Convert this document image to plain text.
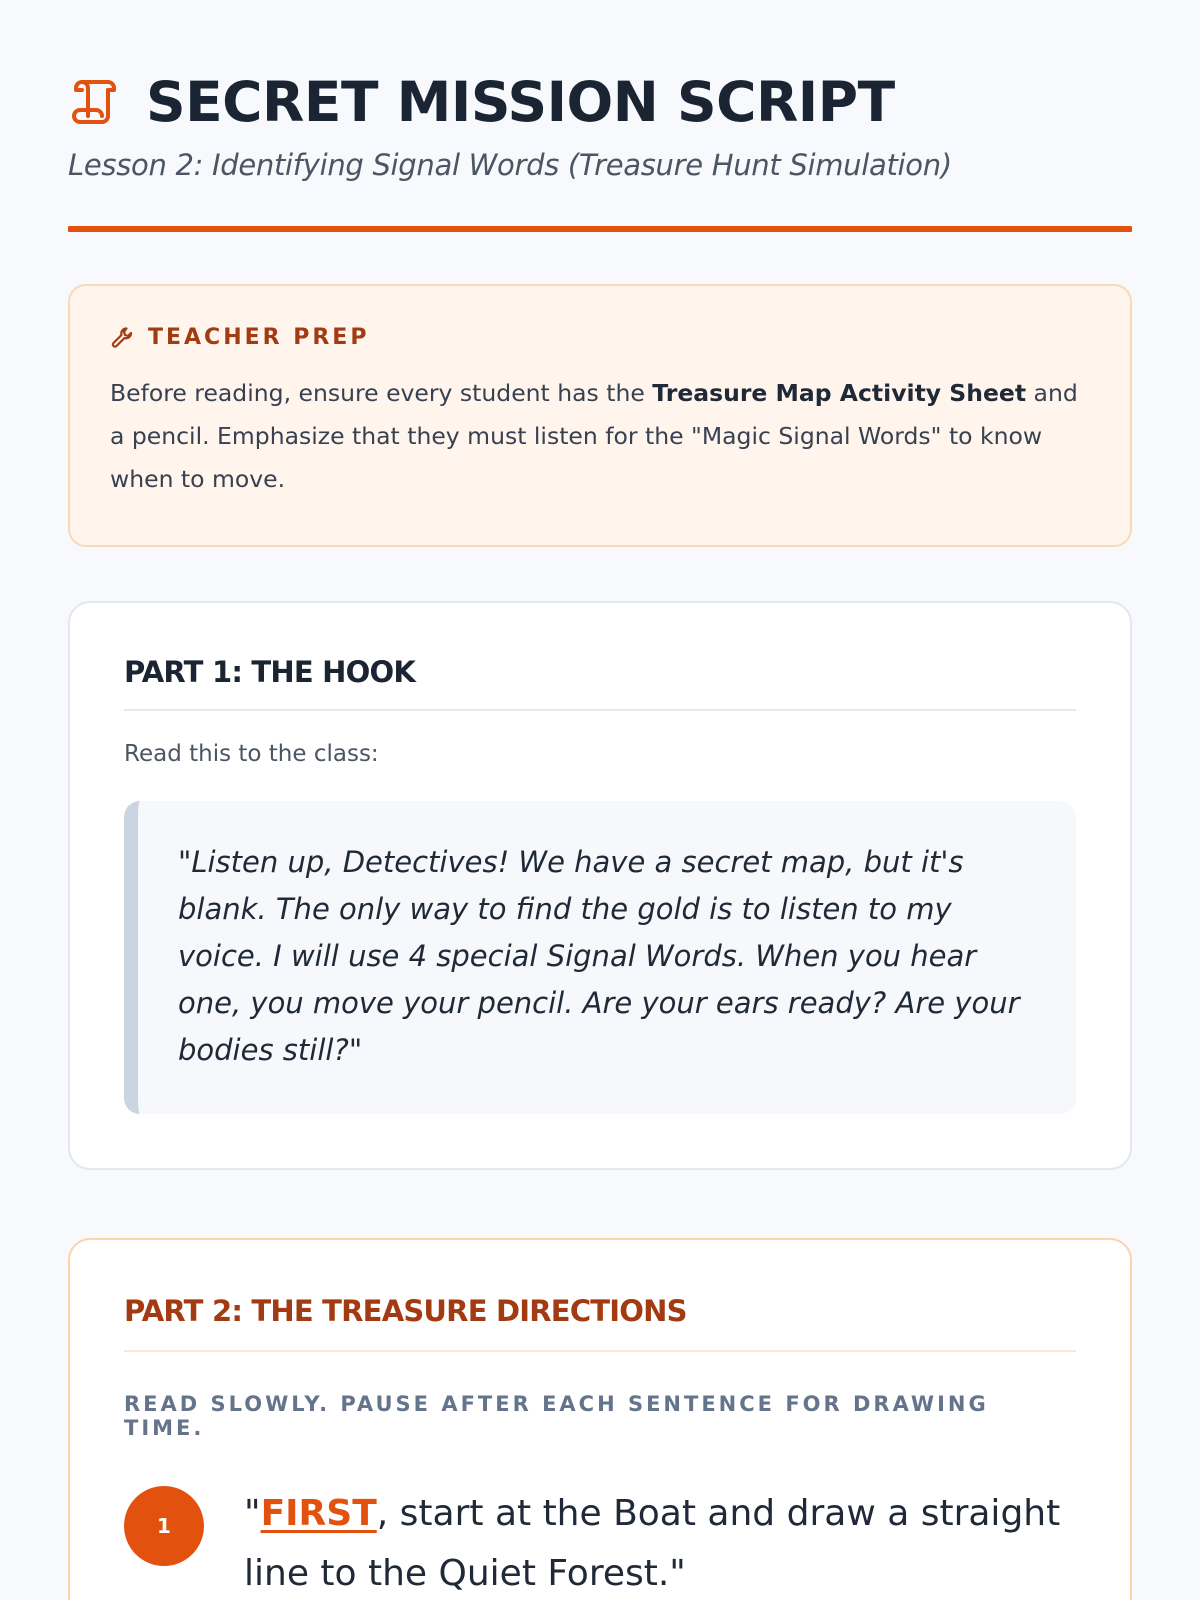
SECRET MISSION SCRIPT
Lesson 2: Identifying Signal Words (Treasure Hunt Simulation)
TEACHER PREP

Before reading, ensure every student has the Treasure Map Activity Sheet and a pencil. Emphasize that they must listen for the "Magic Signal Words" to know when to move.

PART 1: THE HOOK
Read this to the class:
"Listen up, Detectives! We have a secret map, but it's blank. The only way to find the gold is to listen to my voice. I will use 4 special Signal Words. When you hear one, you move your pencil. Are your ears ready? Are your bodies still?"
PART 2: THE TREASURE DIRECTIONS
READ SLOWLY. PAUSE AFTER EACH SENTENCE FOR DRAWING TIME.
1	"FIRST, start at the Boat and draw a straight line to the Quiet Forest."
